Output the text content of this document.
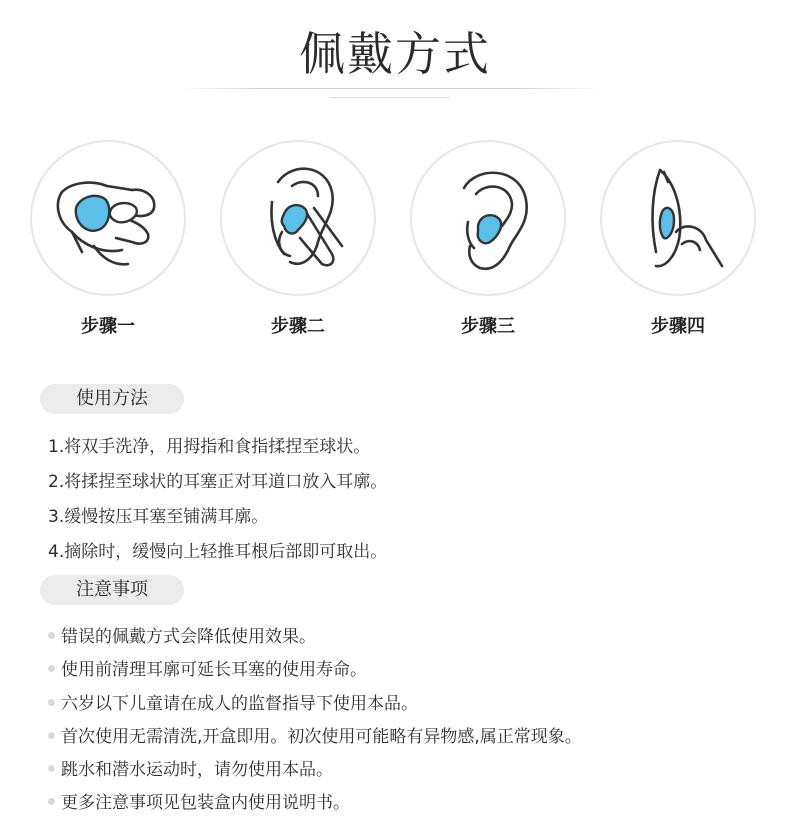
佩戴方式
步骤一	步骤二	步骤三	步骤四
使用方法
1.将双手洗净，用拇指和食指揉捏至球状。
2.将揉捏至球状的耳塞正对耳道口放入耳廓。
3.缓慢按压耳塞至铺满耳廓。
4.摘除时，缓慢向上轻推耳根后部即可取出。
注意事项
错误的佩戴方式会降低使用效果。
使用前清理耳廓可延长耳塞的使用寿命。
六岁以下儿童请在成人的监督指导下使用本品。
首次使用无需清洗,开盒即用。初次使用可能略有异物感,属正常现象。
跳水和潜水运动时，请勿使用本品。
更多注意事项见包装盒内使用说明书。
